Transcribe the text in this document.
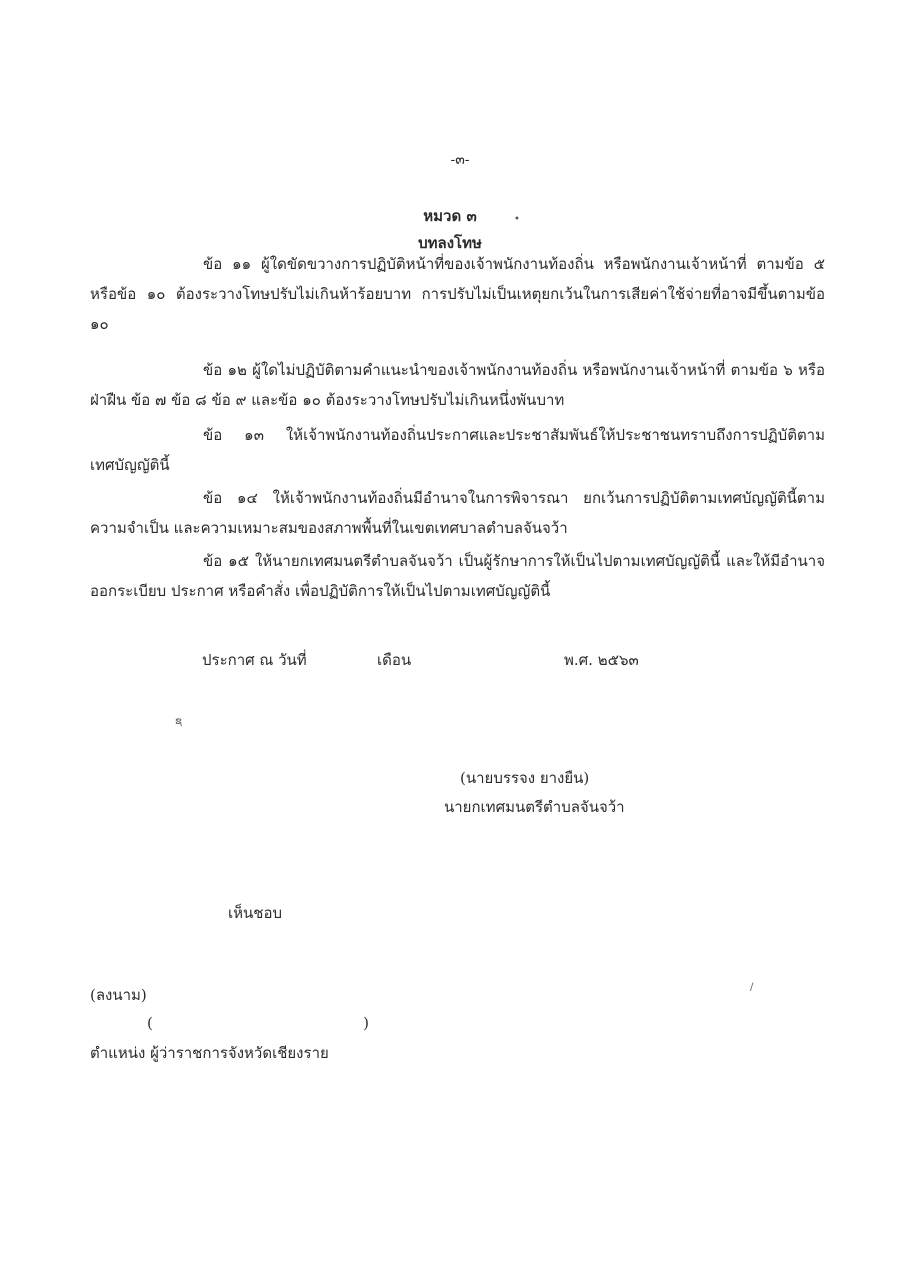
-๓-
หมวด ๓	•
บทลงโทษ

ข้อ ๑๑ ผู้ใดขัดขวางการปฏิบัติหน้าที่ของเจ้าพนักงานท้องถิ่น หรือพนักงานเจ้าหน้าที่ ตามข้อ ๕ หรือข้อ ๑๐ ต้องระวางโทษปรับไม่เกินห้าร้อยบาท การปรับไม่เป็นเหตุยกเว้นในการเสียค่าใช้จ่ายที่อาจมีขึ้นตามข้อ ๑๐

ข้อ ๑๒ ผู้ใดไม่ปฏิบัติตามคำแนะนำของเจ้าพนักงานท้องถิ่น หรือพนักงานเจ้าหน้าที่ ตามข้อ ๖ หรือฝ่าฝืน ข้อ ๗ ข้อ ๘ ข้อ ๙ และข้อ ๑๐ ต้องระวางโทษปรับไม่เกินหนึ่งพันบาท

ข้อ ๑๓ ให้เจ้าพนักงานท้องถิ่นประกาศและประชาสัมพันธ์ให้ประชาชนทราบถึงการปฏิบัติตามเทศบัญญัตินี้

ข้อ ๑๔ ให้เจ้าพนักงานท้องถิ่นมีอำนาจในการพิจารณา ยกเว้นการปฏิบัติตามเทศบัญญัตินี้ตามความจำเป็น และความเหมาะสมของสภาพพื้นที่ในเขตเทศบาลตำบลจันจว้า

ข้อ ๑๕ ให้นายกเทศมนตรีตำบลจันจว้า เป็นผู้รักษาการให้เป็นไปตามเทศบัญญัตินี้ และให้มีอำนาจออกระเบียบ ประกาศ หรือคำสั่ง เพื่อปฏิบัติการให้เป็นไปตามเทศบัญญัตินี้

ประกาศ ณ วันที่	เดือน	พ.ศ. ๒๕๖๓
ຊ
(นายบรรจง ยางยืน)
นายกเทศมนตรีตำบลจันจว้า
เห็นชอบ
/
(ลงนาม)
(	)
ตำแหน่ง ผู้ว่าราชการจังหวัดเชียงราย
